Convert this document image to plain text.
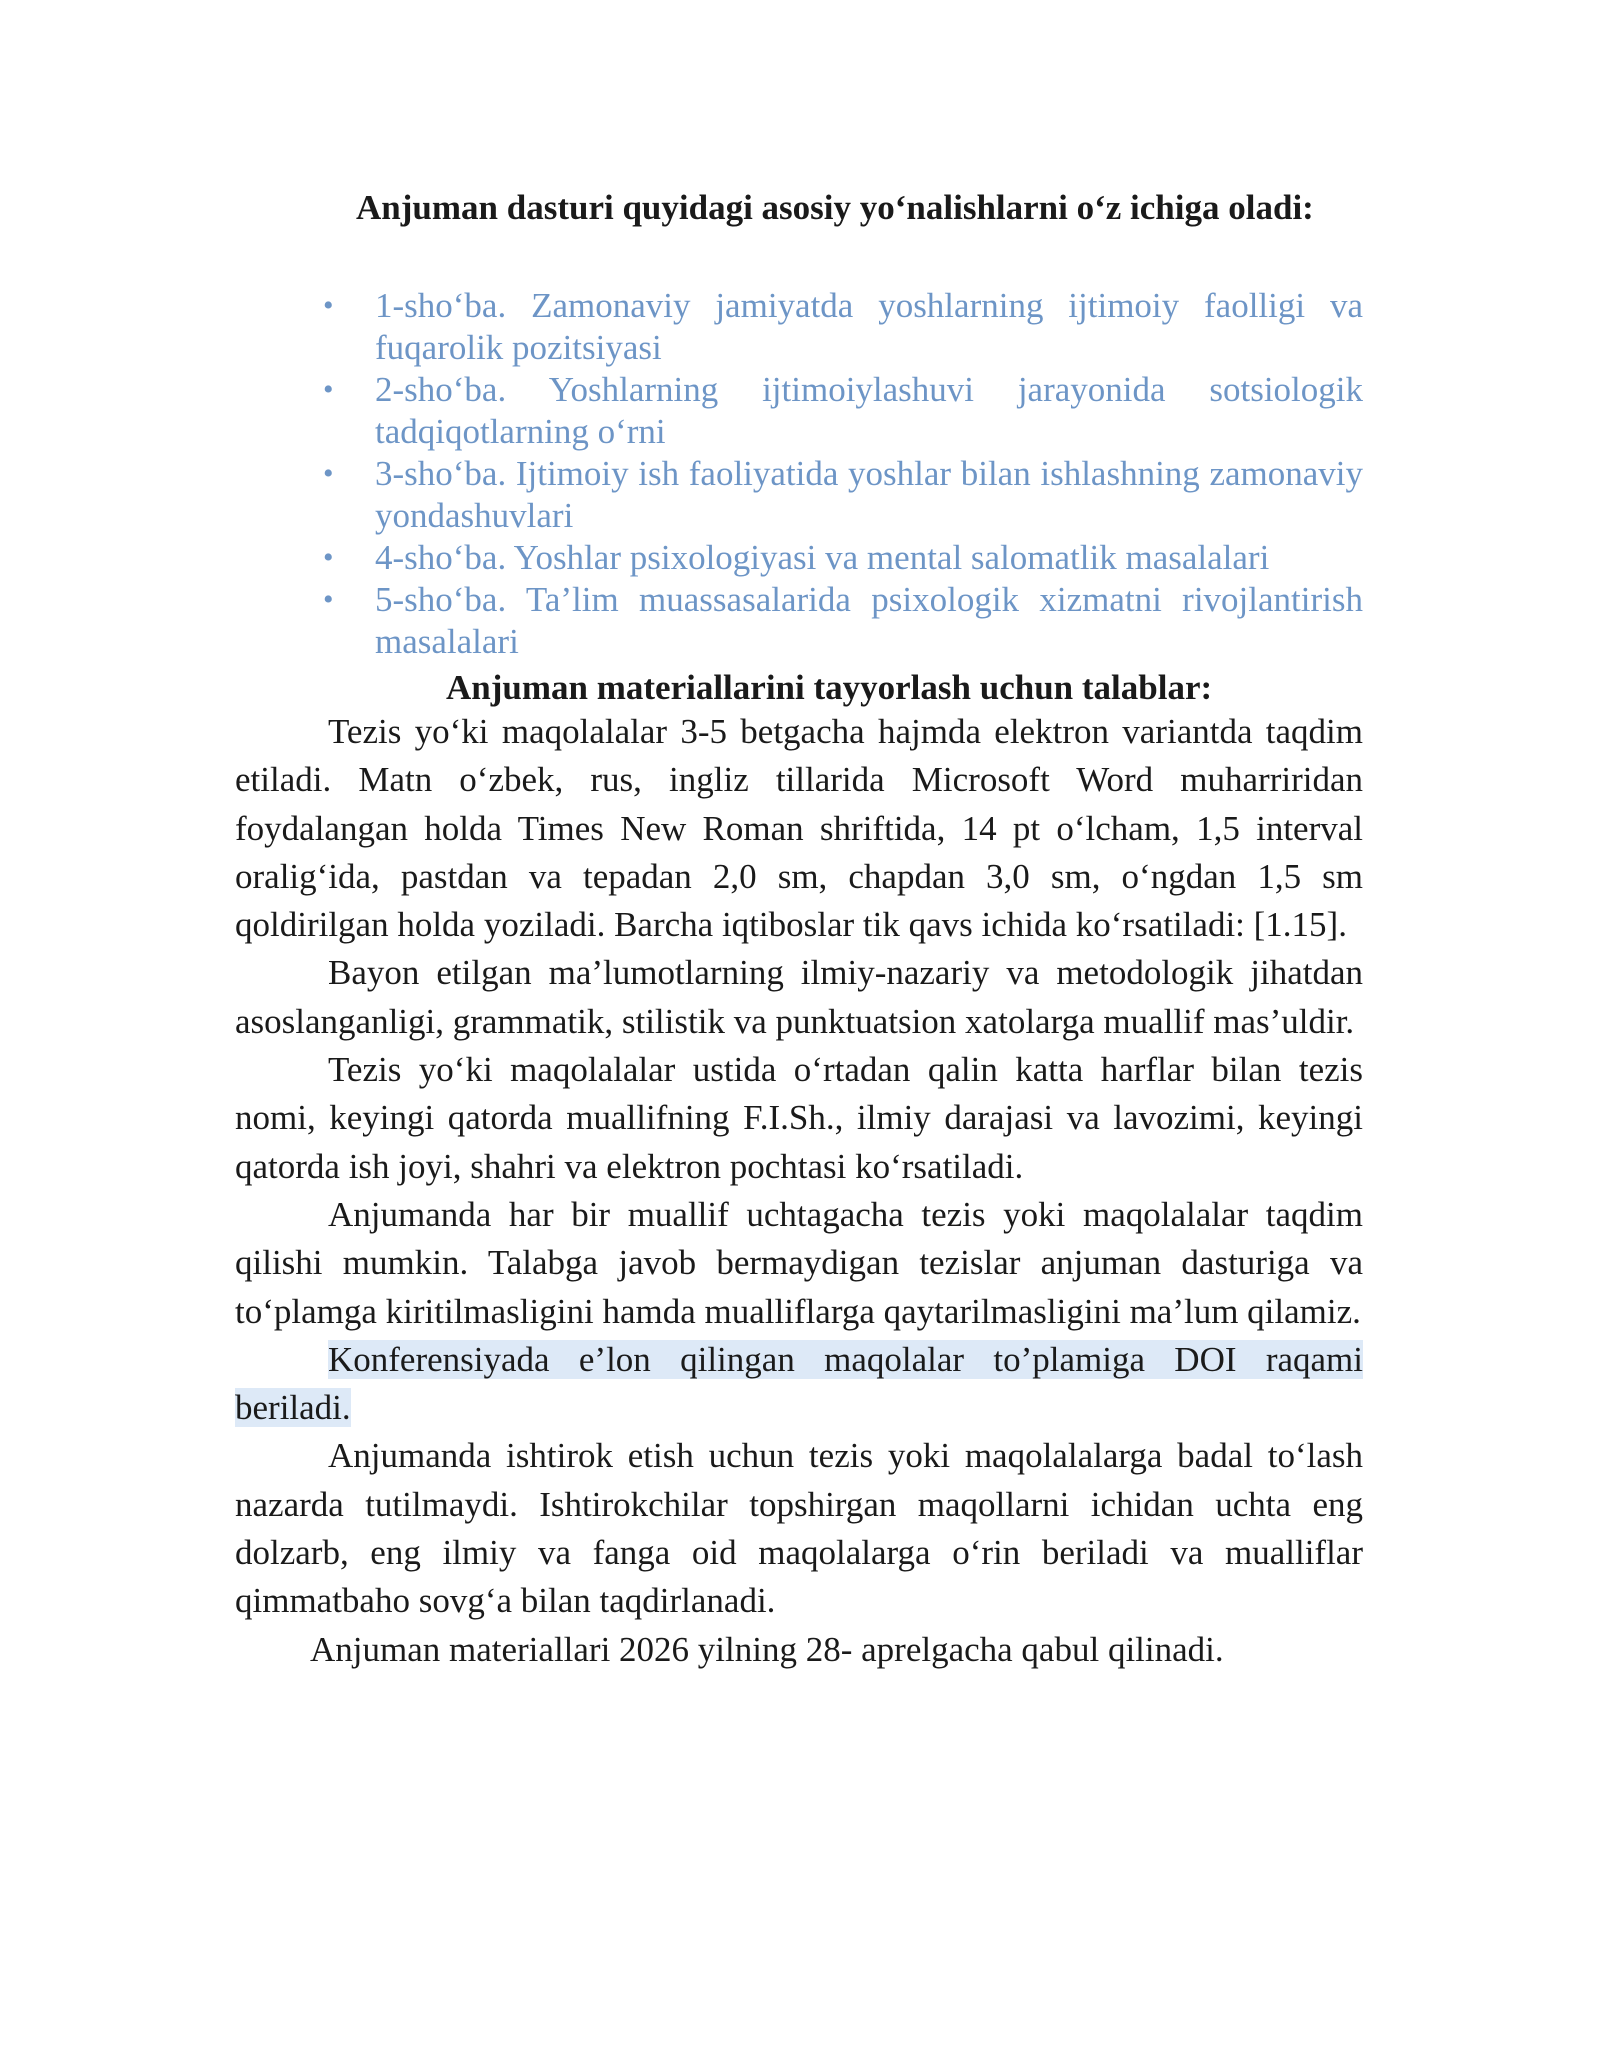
Anjuman dasturi quyidagi asosiy yo‘nalishlarni o‘z ichiga oladi:
•	1-sho‘ba. Zamonaviy jamiyatda yoshlarning ijtimoiy faolligi va fuqarolik pozitsiyasi
•	2-sho‘ba. Yoshlarning ijtimoiylashuvi jarayonida sotsiologik tadqiqotlarning o‘rni
•	3-sho‘ba. Ijtimoiy ish faoliyatida yoshlar bilan ishlashning zamonaviy yondashuvlari
•	4-sho‘ba. Yoshlar psixologiyasi va mental salomatlik masalalari
•	5-sho‘ba. Ta’lim muassasalarida psixologik xizmatni rivojlantirish masalalari
Anjuman materiallarini tayyorlash uchun talablar:

Tezis yo‘ki maqolalalar 3-5 betgacha hajmda elektron variantda taqdim etiladi. Matn o‘zbek, rus, ingliz tillarida Microsoft Word muharriridan foydalangan holda Times New Roman shriftida, 14 pt o‘lcham, 1,5 interval oralig‘ida, pastdan va tepadan 2,0 sm, chapdan 3,0 sm, o‘ngdan 1,5 sm qoldirilgan holda yoziladi. Barcha iqtiboslar tik qavs ichida ko‘rsatiladi: [1.15].

Bayon etilgan ma’lumotlarning ilmiy-nazariy va metodologik jihatdan asoslanganligi, grammatik, stilistik va punktuatsion xatolarga muallif mas’uldir.

Tezis yo‘ki maqolalalar ustida o‘rtadan qalin katta harflar bilan tezis nomi, keyingi qatorda muallifning F.I.Sh., ilmiy darajasi va lavozimi, keyingi qatorda ish joyi, shahri va elektron pochtasi ko‘rsatiladi.

Anjumanda har bir muallif uchtagacha tezis yoki maqolalalar taqdim qilishi mumkin. Talabga javob bermaydigan tezislar anjuman dasturiga va to‘plamga kiritilmasligini hamda mualliflarga qaytarilmasligini ma’lum qilamiz.

Konferensiyada e’lon qilingan maqolalar to’plamiga DOI raqami beriladi.

Anjumanda ishtirok etish uchun tezis yoki maqolalalarga badal to‘lash nazarda tutilmaydi. Ishtirokchilar topshirgan maqollarni ichidan uchta eng dolzarb, eng ilmiy va fanga oid maqolalarga o‘rin beriladi va mualliflar qimmatbaho sovg‘a bilan taqdirlanadi.

Anjuman materiallari 2026 yilning 28- aprelgacha qabul qilinadi.
